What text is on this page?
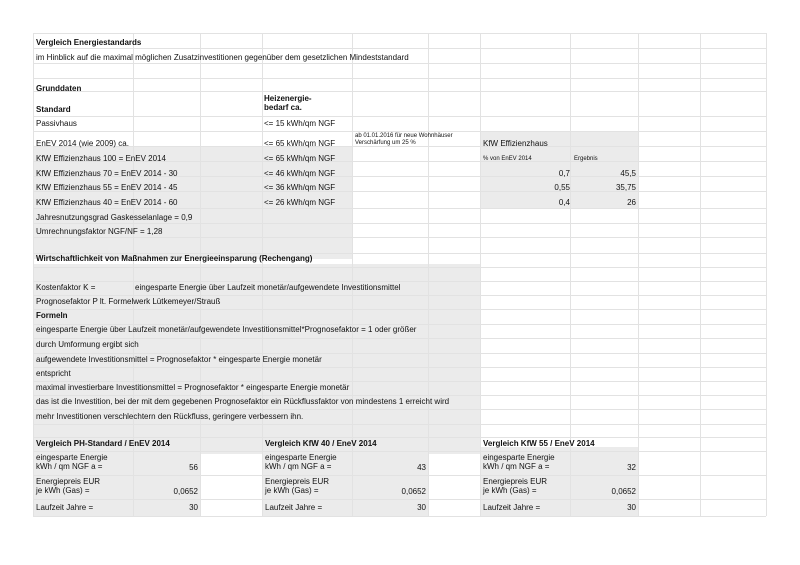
Vergleich Energiestandards
im Hinblick auf die maximal möglichen Zusatzinvestitionen gegenüber dem gesetzlichen Mindeststandard
Grunddaten
Standard
Heizenergie-
bedarf ca.
Passivhaus	<= 15 kWh/qm NGF
EnEV 2014 (wie 2009) ca.	<= 65 kWh/qm NGF
ab 01.01.2016 für neue Wohnhäuser
Verschärfung um 25 %
KfW Effizienzhaus 100 = EnEV 2014	<= 65 kWh/qm NGF
KfW Effizienzhaus 70 = EnEV 2014 - 30	<= 46 kWh/qm NGF
KfW Effizienzhaus 55 = EnEV 2014 - 45	<= 36 kWh/qm NGF
KfW Effizienzhaus 40 = EnEV 2014 - 60	<= 26 kWh/qm NGF
Jahresnutzungsgrad Gaskesselanlage = 0,9
Umrechnungsfaktor NGF/NF = 1,28
KfW Effizienzhaus
% von EnEV 2014	Ergebnis
0,7	45,5
0,55	35,75
0,4	26
Wirtschaftlichkeit von Maßnahmen zur Energieeinsparung (Rechengang)
Kostenfaktor K =	eingesparte Energie über Laufzeit monetär/aufgewendete Investitionsmittel
Prognosefaktor P lt. Formelwerk Lütkemeyer/Strauß
Formeln
eingesparte Energie über Laufzeit monetär/aufgewendete Investitionsmittel*Prognosefaktor = 1 oder größer
durch Umformung ergibt sich
aufgewendete Investitionsmittel = Prognosefaktor * eingesparte Energie monetär
entspricht
maximal investierbare Investitionsmittel = Prognosefaktor * eingesparte Energie monetär
das ist die Investition, bei der mit dem gegebenen Prognosefaktor ein Rückflussfaktor von mindestens 1 erreicht wird
mehr Investitionen verschlechtern den Rückfluss, geringere verbessern ihn.
Vergleich PH-Standard / EnEV 2014
eingesparte Energie
kWh / qm NGF a =	56
Energiepreis EUR
je kWh (Gas) =	0,0652
Laufzeit Jahre =	30
Vergleich KfW 40 / EneV 2014
eingesparte Energie
kWh / qm NGF a =	43
Energiepreis EUR
je kWh (Gas) =	0,0652
Laufzeit Jahre =	30
Vergleich KfW 55 / EneV 2014
eingesparte Energie
kWh / qm NGF a =	32
Energiepreis EUR
je kWh (Gas) =	0,0652
Laufzeit Jahre =	30
